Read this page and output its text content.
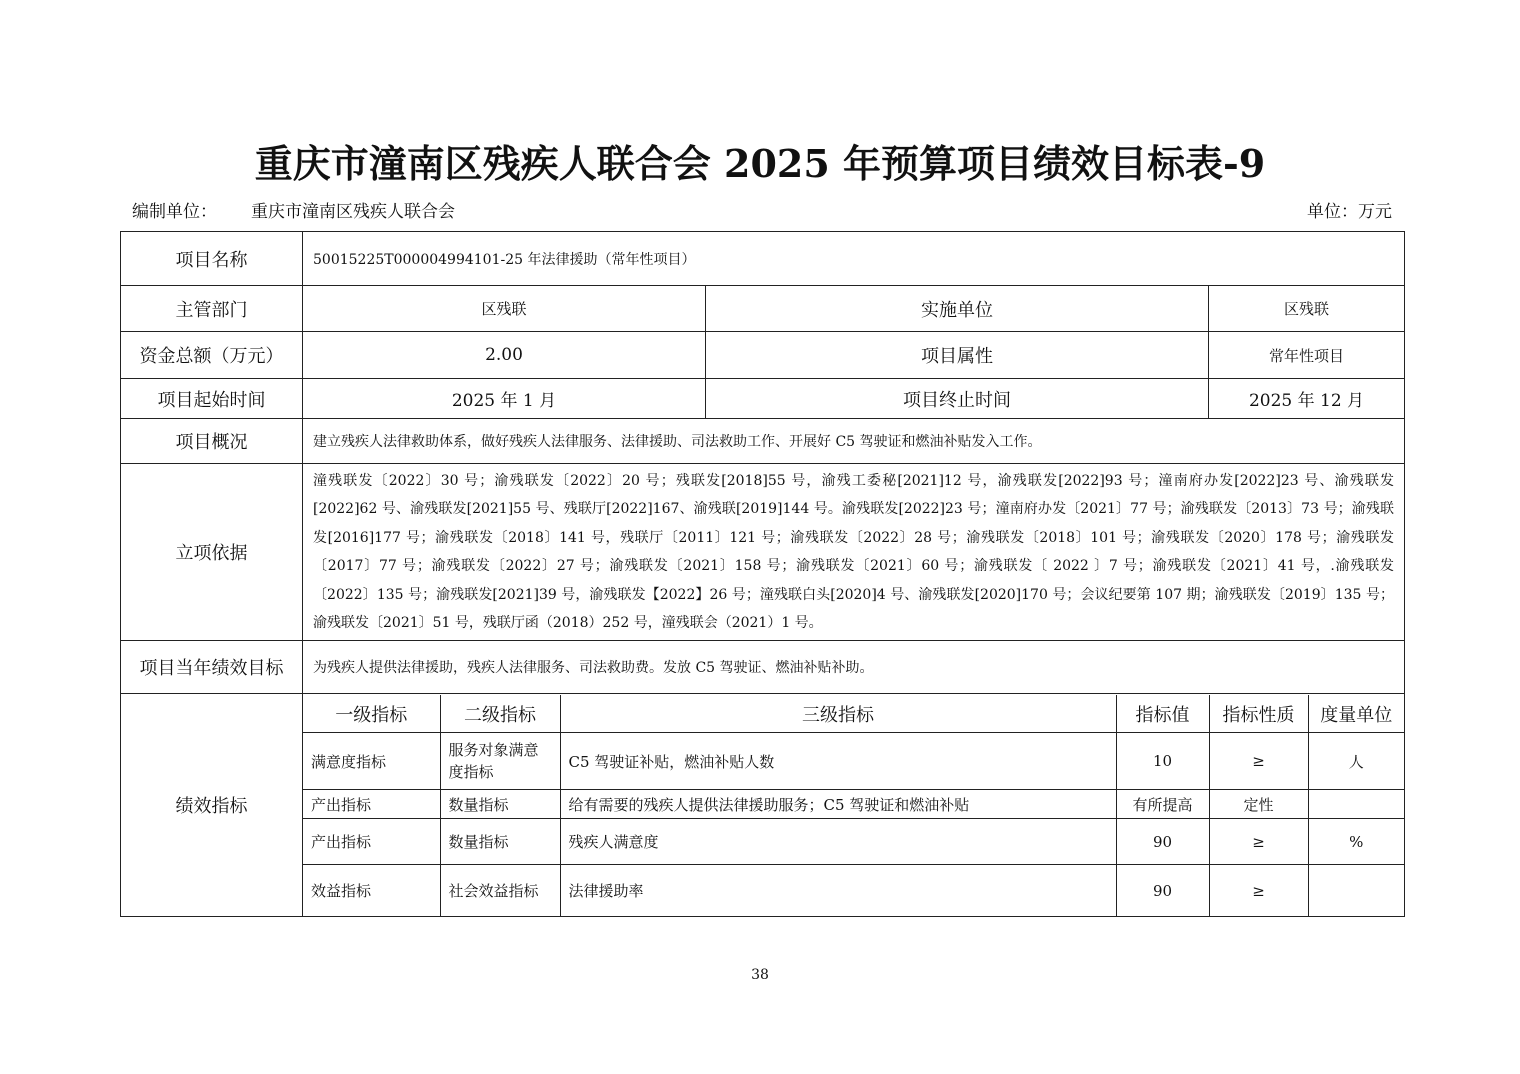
重庆市潼南区残疾人联合会 2025 年预算项目绩效目标表-9
编制单位： 重庆市潼南区残疾人联合会	单位：万元
项目名称	50015225T000004994101-25 年法律援助（常年性项目）
主管部门	区残联	实施单位	区残联
资金总额（万元）	2.00	项目属性	常年性项目
项目起始时间	2025 年 1 月	项目终止时间	2025 年 12 月
项目概况	建立残疾人法律救助体系，做好残疾人法律服务、法律援助、司法救助工作、开展好 C5 驾驶证和燃油补贴发入工作。
立项依据	潼残联发〔2022〕30 号；渝残联发〔2022〕20 号；残联发[2018]55 号，渝残工委秘[2021]12 号，渝残联发[2022]93 号；潼南府办发[2022]23 号、渝残联发[2022]62 号、渝残联发[2021]55 号、残联厅[2022]167、渝残联[2019]144 号。渝残联发[2022]23 号；潼南府办发〔2021〕77 号；渝残联发〔2013〕73 号；渝残联发[2016]177 号；渝残联发〔2018〕141 号，残联厅〔2011〕121 号；渝残联发〔2022〕28 号；渝残联发〔2018〕101 号；渝残联发〔2020〕178 号；渝残联发〔2017〕77 号；渝残联发〔2022〕27 号；渝残联发〔2021〕158 号；渝残联发〔2021〕60 号；渝残联发〔 2022 〕7 号；渝残联发〔2021〕41 号，.渝残联发〔2022〕135 号；渝残联发[2021]39 号，渝残联发【2022】26 号；潼残联白头[2020]4 号、渝残联发[2020]170 号；会议纪要第 107 期；渝残联发〔2019〕135 号；渝残联发〔2021〕51 号，残联厅函（2018）252 号，潼残联会（2021）1 号。
项目当年绩效目标	为残疾人提供法律援助，残疾人法律服务、司法救助费。发放 C5 驾驶证、燃油补贴补助。
绩效指标	
一级指标	二级指标	三级指标	指标值	指标性质	度量单位
满意度指标	服务对象满意度指标	C5 驾驶证补贴，燃油补贴人数	10	≥	人
产出指标	数量指标	给有需要的残疾人提供法律援助服务；C5 驾驶证和燃油补贴	有所提高	定性	
产出指标	数量指标	残疾人满意度	90	≥	%
效益指标	社会效益指标	法律援助率	90	≥	
38
